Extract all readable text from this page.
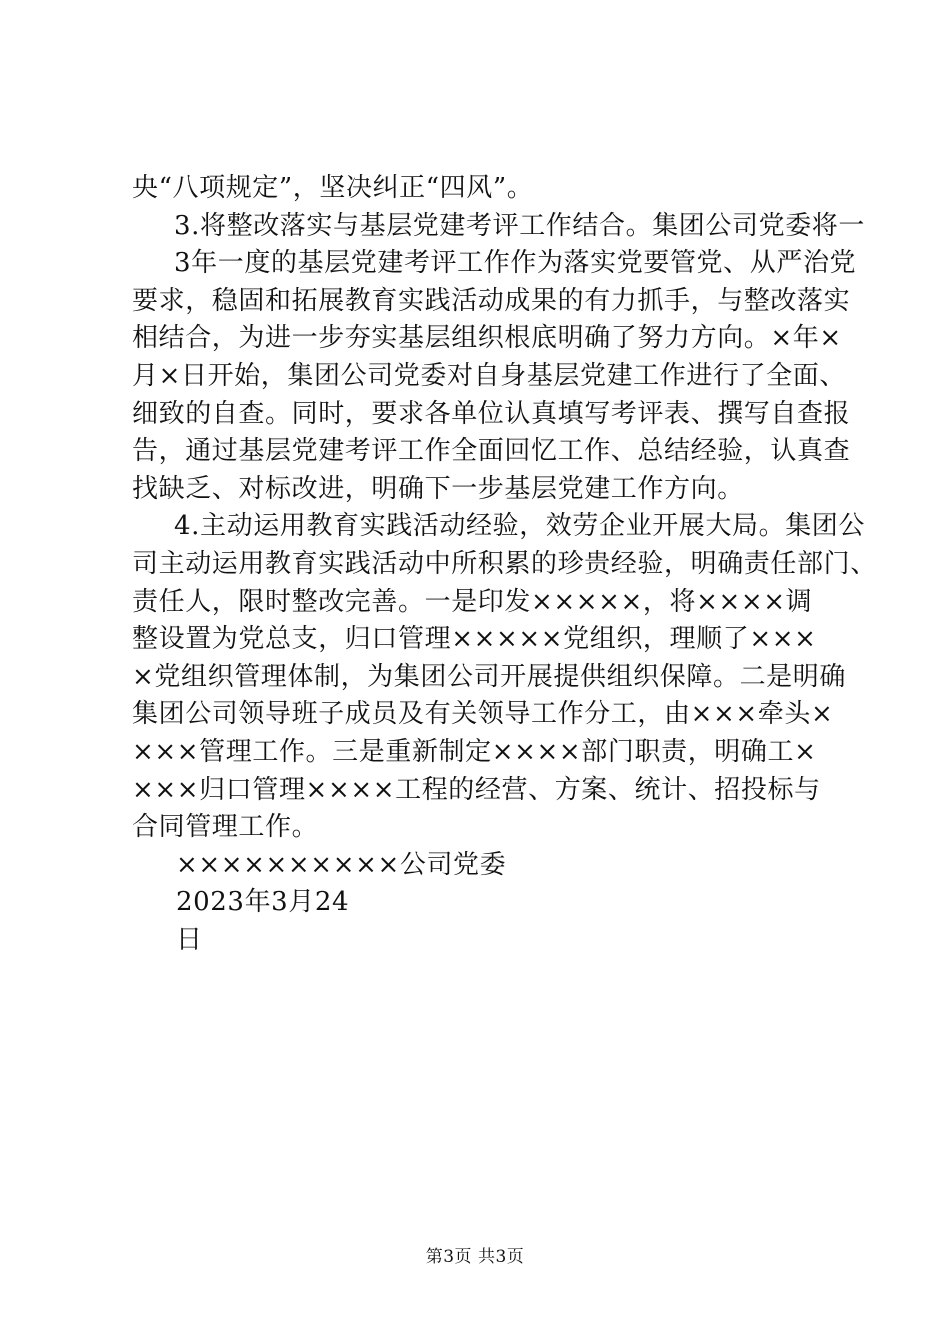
央“八项规定”，坚决纠正“四风”。
3.将整改落实与基层党建考评工作结合。集团公司党委将一
3年一度的基层党建考评工作作为落实党要管党、从严治党
要求，稳固和拓展教育实践活动成果的有力抓手，与整改落实
相结合，为进一步夯实基层组织根底明确了努力方向。×年×
月×日开始，集团公司党委对自身基层党建工作进行了全面、
细致的自查。同时，要求各单位认真填写考评表、撰写自查报
告，通过基层党建考评工作全面回忆工作、总结经验，认真查
找缺乏、对标改进，明确下一步基层党建工作方向。
4.主动运用教育实践活动经验，效劳企业开展大局。集团公
司主动运用教育实践活动中所积累的珍贵经验，明确责任部门、
责任人，限时整改完善。一是印发×××××，将××××调
整设置为党总支，归口管理×××××党组织，理顺了×××
×党组织管理体制，为集团公司开展提供组织保障。二是明确
集团公司领导班子成员及有关领导工作分工，由×××牵头×
×××管理工作。三是重新制定××××部门职责，明确工×
×××归口管理××××工程的经营、方案、统计、招投标与
合同管理工作。
××××××××××公司党委
2023年3月24
日
第3页 共3页
